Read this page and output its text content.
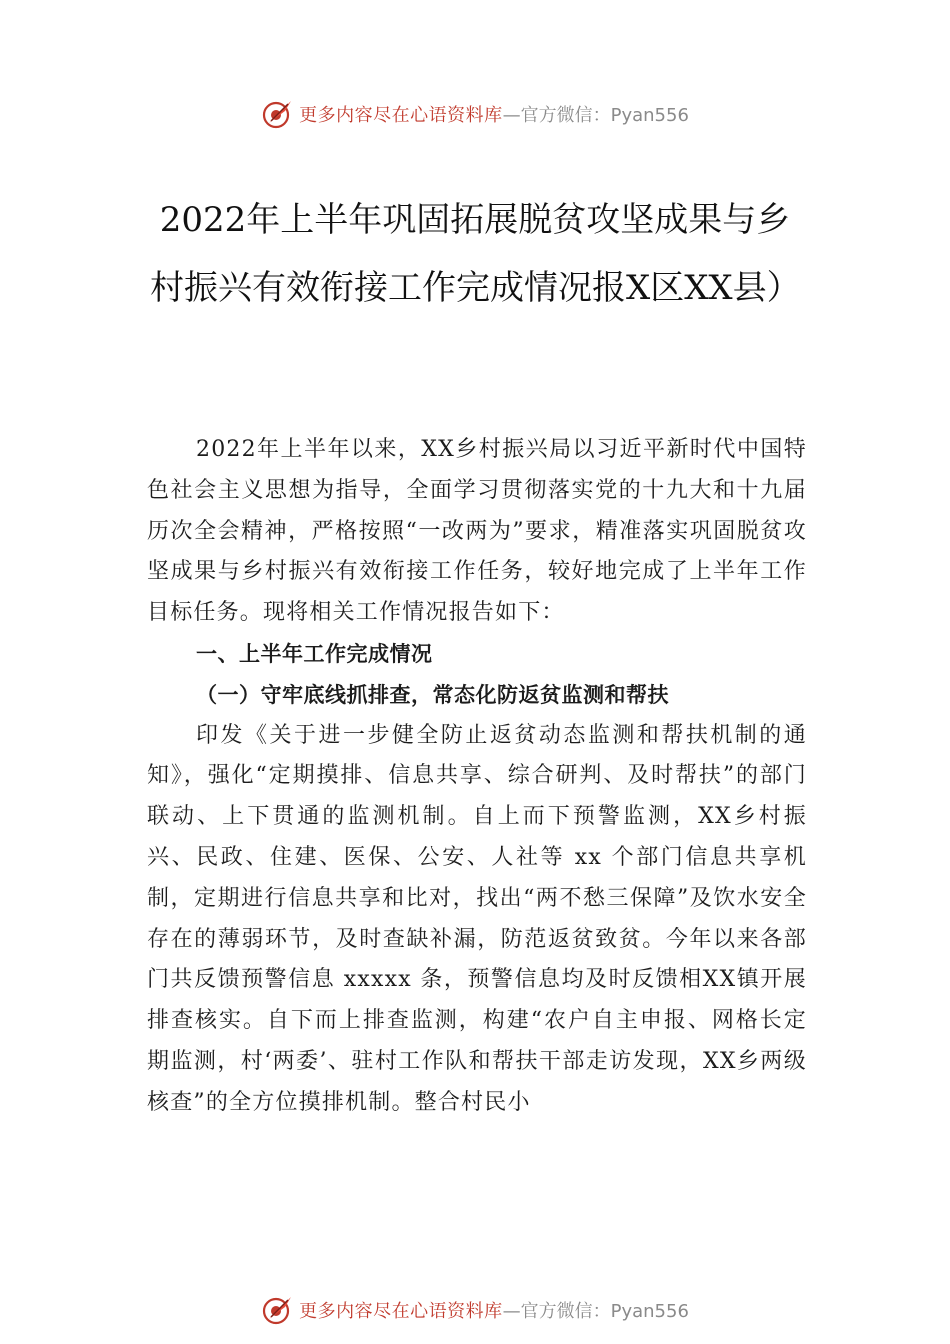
更多内容尽在心语资料库 —官方微信：Pyan556
2022年上半年巩固拓展脱贫攻坚成果与乡村振兴有效衔接工作完成情况报X区XX县）

2022年上半年以来，XX乡村振兴局以习近平新时代中国特色社会主义思想为指导，全面学习贯彻落实党的十九大和十九届历次全会精神，严格按照“一改两为”要求，精准落实巩固脱贫攻坚成果与乡村振兴有效衔接工作任务，较好地完成了上半年工作目标任务。现将相关工作情况报告如下：

一、上半年工作完成情况

（一）守牢底线抓排查，常态化防返贫监测和帮扶

印发《关于进一步健全防止返贫动态监测和帮扶机制的通知》，强化“定期摸排、信息共享、综合研判、及时帮扶”的部门联动、上下贯通的监测机制。自上而下预警监测，XX乡村振兴、民政、住建、医保、公安、人社等 xx 个部门信息共享机制，定期进行信息共享和比对，找出“两不愁三保障”及饮水安全存在的薄弱环节，及时查缺补漏，防范返贫致贫。今年以来各部门共反馈预警信息 xxxxx 条，预警信息均及时反馈相XX镇开展排查核实。自下而上排查监测，构建“农户自主申报、网格长定期监测，村‘两委’、驻村工作队和帮扶干部走访发现，XX乡两级核查”的全方位摸排机制。整合村民小

更多内容尽在心语资料库 —官方微信：Pyan556
